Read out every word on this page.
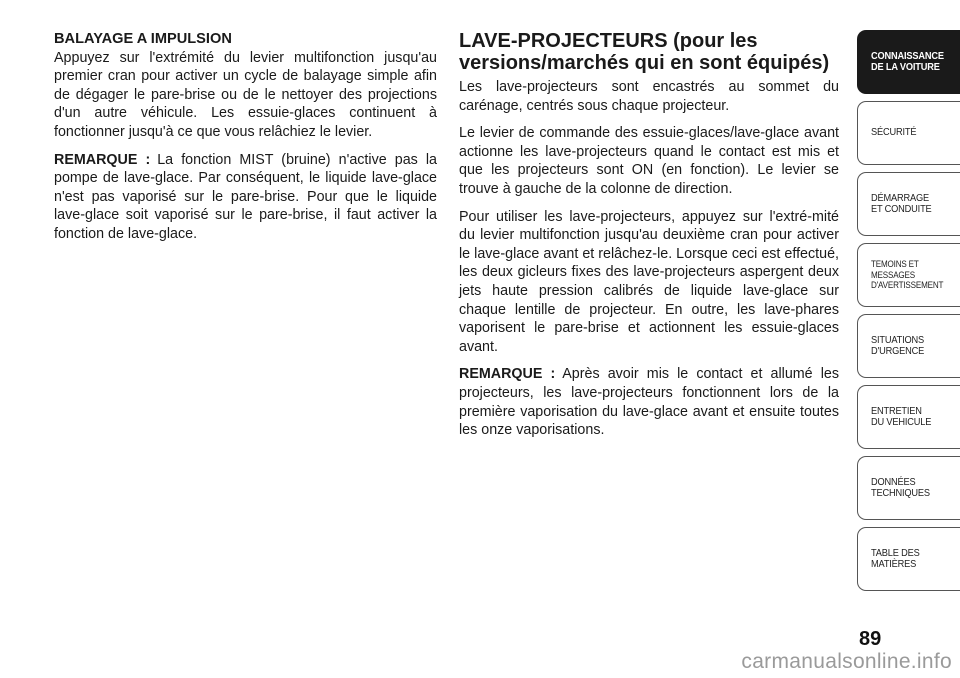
BALAYAGE A IMPULSION

Appuyez sur l'extrémité du levier multifonction jusqu'au premier cran pour activer un cycle de balayage simple afin de dégager le pare-brise ou de le nettoyer des projections d'un autre véhicule. Les essuie-glaces continuent à fonctionner jusqu'à ce que vous relâchiez le levier.

REMARQUE : La fonction MIST (bruine) n'active pas la pompe de lave-glace. Par conséquent, le liquide lave-glace n'est pas vaporisé sur le pare-brise. Pour que le liquide lave-glace soit vaporisé sur le pare-brise, il faut activer la fonction de lave-glace.

LAVE-PROJECTEURS (pour les versions/marchés qui en sont équipés)

Les lave-projecteurs sont encastrés au sommet du carénage, centrés sous chaque projecteur.

Le levier de commande des essuie-glaces/lave-glace avant actionne les lave-projecteurs quand le contact est mis et que les projecteurs sont ON (en fonction). Le levier se trouve à gauche de la colonne de direction.

Pour utiliser les lave-projecteurs, appuyez sur l'extré-mité du levier multifonction jusqu'au deuxième cran pour activer le lave-glace avant et relâchez-le. Lorsque ceci est effectué, les deux gicleurs fixes des lave-projecteurs aspergent deux jets haute pression calibrés de liquide lave-glace sur chaque lentille de projecteur. En outre, les lave-phares vaporisent le pare-brise et actionnent les essuie-glaces avant.

REMARQUE : Après avoir mis le contact et allumé les projecteurs, les lave-projecteurs fonctionnent lors de la première vaporisation du lave-glace avant et ensuite toutes les onze vaporisations.

CONNAISSANCE
DE LA VOITURE
SÉCURITÉ
DÉMARRAGE
ET CONDUITE
TEMOINS ET
MESSAGES
D'AVERTISSEMENT
SITUATIONS
D'URGENCE
ENTRETIEN
DU VEHICULE
DONNÉES
TECHNIQUES
TABLE DES
MATIÈRES
89
carmanualsonline.info
